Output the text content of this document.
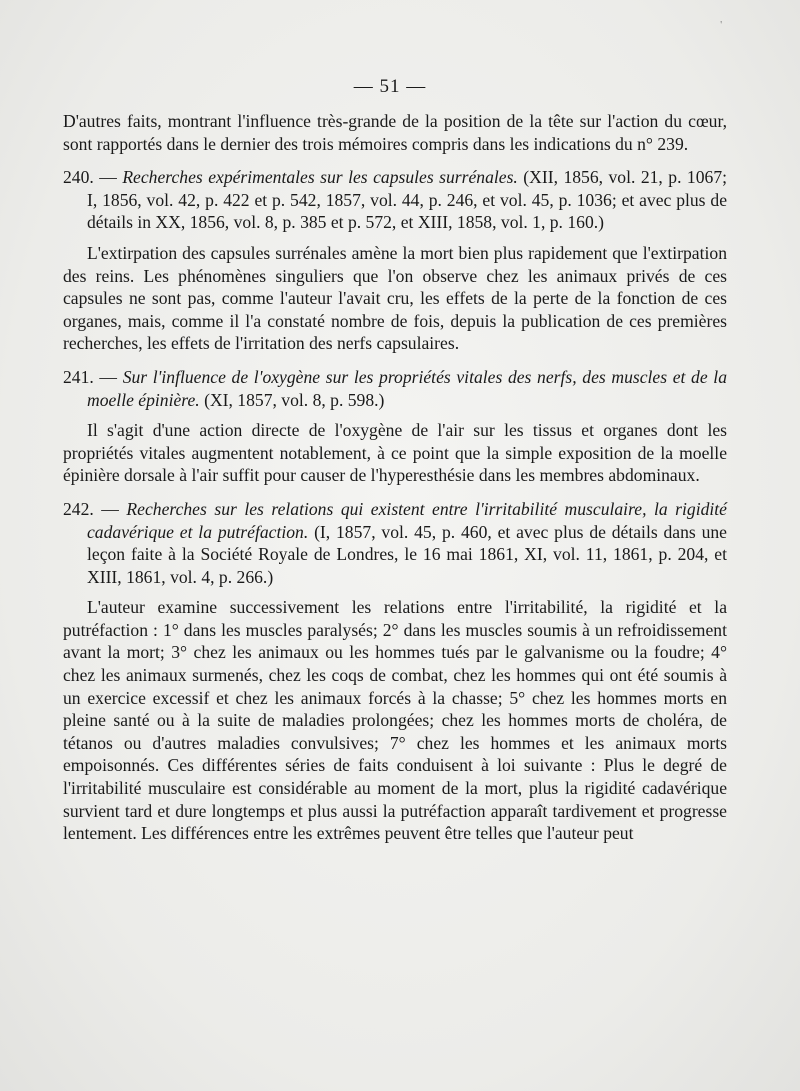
'
— 51 —

D'autres faits, montrant l'influence très-grande de la position de la tête sur l'action du cœur, sont rapportés dans le dernier des trois mémoires compris dans les indications du n° 239.

240. — Recherches expérimentales sur les capsules surrénales. (XII, 1856, vol. 21, p. 1067; I, 1856, vol. 42, p. 422 et p. 542, 1857, vol. 44, p. 246, et vol. 45, p. 1036; et avec plus de détails in XX, 1856, vol. 8, p. 385 et p. 572, et XIII, 1858, vol. 1, p. 160.)

L'extirpation des capsules surrénales amène la mort bien plus rapidement que l'extirpation des reins. Les phénomènes singuliers que l'on observe chez les animaux privés de ces capsules ne sont pas, comme l'auteur l'avait cru, les effets de la perte de la fonction de ces organes, mais, comme il l'a constaté nombre de fois, depuis la publication de ces premières recherches, les effets de l'irritation des nerfs capsulaires.

241. — Sur l'influence de l'oxygène sur les propriétés vitales des nerfs, des muscles et de la moelle épinière. (XI, 1857, vol. 8, p. 598.)

Il s'agit d'une action directe de l'oxygène de l'air sur les tissus et organes dont les propriétés vitales augmentent notablement, à ce point que la simple exposition de la moelle épinière dorsale à l'air suffit pour causer de l'hyperesthésie dans les membres abdominaux.

242. — Recherches sur les relations qui existent entre l'irritabilité musculaire, la rigidité cadavérique et la putréfaction. (I, 1857, vol. 45, p. 460, et avec plus de détails dans une leçon faite à la Société Royale de Londres, le 16 mai 1861, XI, vol. 11, 1861, p. 204, et XIII, 1861, vol. 4, p. 266.)

L'auteur examine successivement les relations entre l'irritabilité, la rigidité et la putréfaction : 1° dans les muscles paralysés; 2° dans les muscles soumis à un refroidissement avant la mort; 3° chez les animaux ou les hommes tués par le galvanisme ou la foudre; 4° chez les animaux surmenés, chez les coqs de combat, chez les hommes qui ont été soumis à un exercice excessif et chez les animaux forcés à la chasse; 5° chez les hommes morts en pleine santé ou à la suite de maladies prolongées; chez les hommes morts de choléra, de tétanos ou d'autres maladies convulsives; 7° chez les hommes et les animaux morts empoisonnés. Ces différentes séries de faits conduisent à loi suivante : Plus le degré de l'irritabilité musculaire est considérable au moment de la mort, plus la rigidité cadavérique survient tard et dure longtemps et plus aussi la putréfaction apparaît tardivement et progresse lentement. Les différences entre les extrêmes peuvent être telles que l'auteur peut
